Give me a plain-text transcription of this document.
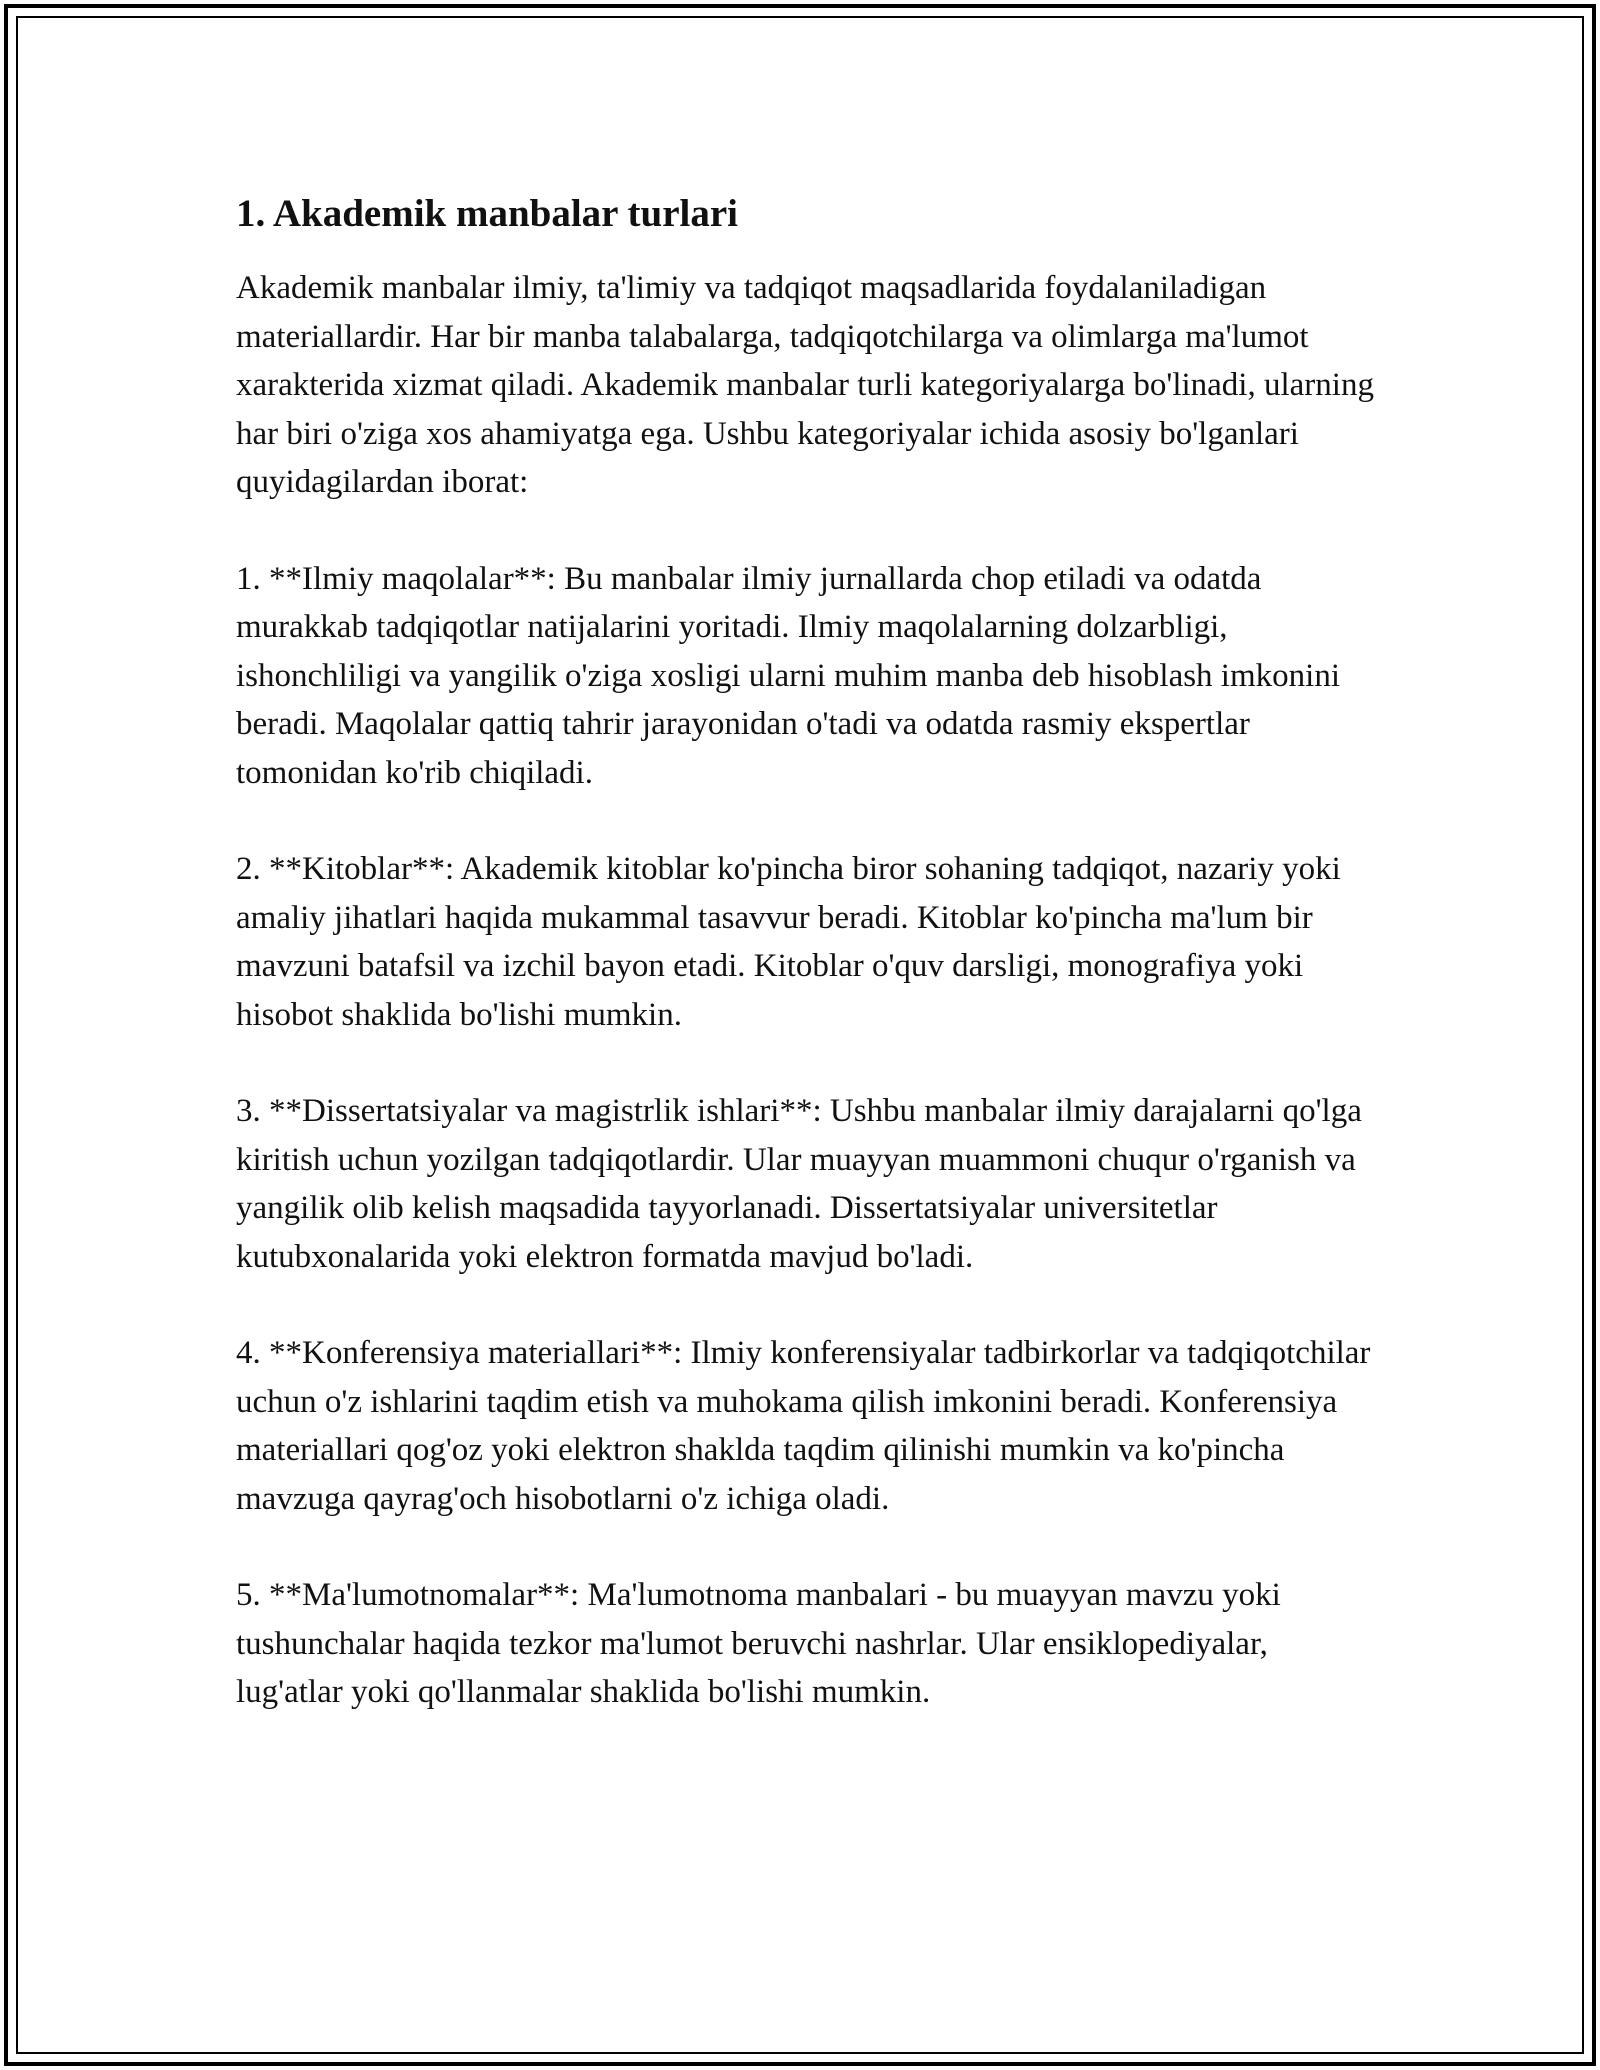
1. Akademik manbalar turlari

Akademik manbalar ilmiy, ta'limiy va tadqiqot maqsadlarida foydalaniladigan materiallardir. Har bir manba talabalarga, tadqiqotchilarga va olimlarga ma'lumot xarakterida xizmat qiladi. Akademik manbalar turli kategoriyalarga bo'linadi, ularning har biri o'ziga xos ahamiyatga ega. Ushbu kategoriyalar ichida asosiy bo'lganlari quyidagilardan iborat:

1. **Ilmiy maqolalar**: Bu manbalar ilmiy jurnallarda chop etiladi va odatda murakkab tadqiqotlar natijalarini yoritadi. Ilmiy maqolalarning dolzarbligi, ishonchliligi va yangilik o'ziga xosligi ularni muhim manba deb hisoblash imkonini beradi. Maqolalar qattiq tahrir jarayonidan o'tadi va odatda rasmiy ekspertlar tomonidan ko'rib chiqiladi.

2. **Kitoblar**: Akademik kitoblar ko'pincha biror sohaning tadqiqot, nazariy yoki amaliy jihatlari haqida mukammal tasavvur beradi. Kitoblar ko'pincha ma'lum bir mavzuni batafsil va izchil bayon etadi. Kitoblar o'quv darsligi, monografiya yoki hisobot shaklida bo'lishi mumkin.

3. **Dissertatsiyalar va magistrlik ishlari**: Ushbu manbalar ilmiy darajalarni qo'lga kiritish uchun yozilgan tadqiqotlardir. Ular muayyan muammoni chuqur o'rganish va yangilik olib kelish maqsadida tayyorlanadi. Dissertatsiyalar universitetlar kutubxonalarida yoki elektron formatda mavjud bo'ladi.

4. **Konferensiya materiallari**: Ilmiy konferensiyalar tadbirkorlar va tadqiqotchilar uchun o'z ishlarini taqdim etish va muhokama qilish imkonini beradi. Konferensiya materiallari qog'oz yoki elektron shaklda taqdim qilinishi mumkin va ko'pincha mavzuga qayrag'och hisobotlarni o'z ichiga oladi.

5. **Ma'lumotnomalar**: Ma'lumotnoma manbalari - bu muayyan mavzu yoki tushunchalar haqida tezkor ma'lumot beruvchi nashrlar. Ular ensiklopediyalar, lug'atlar yoki qo'llanmalar shaklida bo'lishi mumkin.
